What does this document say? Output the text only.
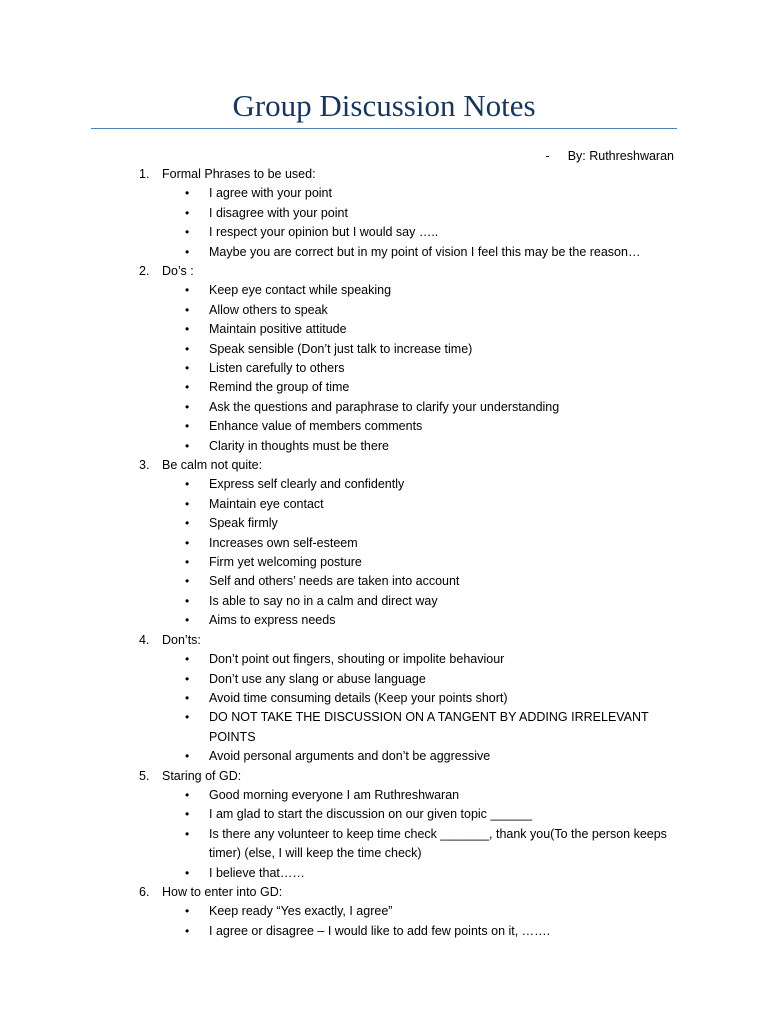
Group Discussion Notes
- By: Ruthreshwaran
1. Formal Phrases to be used:
• I agree with your point
• I disagree with your point
• I respect your opinion but I would say …..
• Maybe you are correct but in my point of vision I feel this may be the reason…
2. Do’s :
• Keep eye contact while speaking
• Allow others to speak
• Maintain positive attitude
• Speak sensible (Don’t just talk to increase time)
• Listen carefully to others
• Remind the group of time
• Ask the questions and paraphrase to clarify your understanding
• Enhance value of members comments
• Clarity in thoughts must be there
3. Be calm not quite:
• Express self clearly and confidently
• Maintain eye contact
• Speak firmly
• Increases own self-esteem
• Firm yet welcoming posture
• Self and others’ needs are taken into account
• Is able to say no in a calm and direct way
• Aims to express needs
4. Don’ts:
• Don’t point out fingers, shouting or impolite behaviour
• Don’t use any slang or abuse language
• Avoid time consuming details (Keep your points short)
• DO NOT TAKE THE DISCUSSION ON A TANGENT BY ADDING IRRELEVANT POINTS
• Avoid personal arguments and don’t be aggressive
5. Staring of GD:
• Good morning everyone I am Ruthreshwaran
• I am glad to start the discussion on our given topic ______
• Is there any volunteer to keep time check _______, thank you(To the person keeps timer) (else, I will keep the time check)
• I believe that……
6. How to enter into GD:
• Keep ready “Yes exactly, I agree”
• I agree or disagree – I would like to add few points on it, …….
